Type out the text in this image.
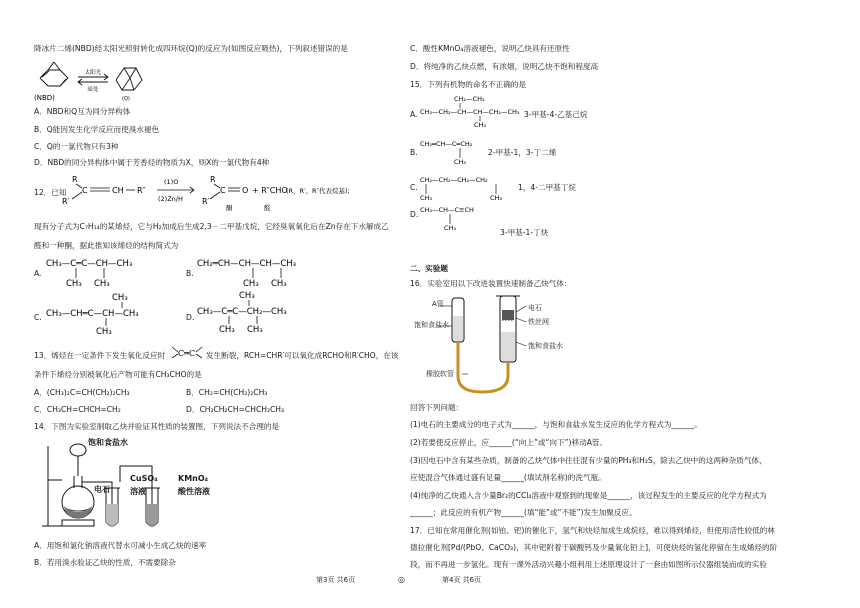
降冰片二烯(NBD)经太阳光照射转化成四环烷(Q)的反应为(如图反应吸热)，下列叙述错误的是
太阳光
暗处
(NBD)	(Q)
A．NBD和Q互为同分异构体
B．Q能因发生化学反应而使溴水褪色
C．Q的一氯代物只有3种
D．NBD的同分异构体中属于芳香烃的物质为X，则X的一氯代物有4种
12．已知
R
R′
C	CH R″
R
R′
C O + R″CHO
(1)O
(2)Zn/H
酮	醛
(R、R′、R″代表烷基);
现有分子式为C₇H₁₄的某烯烃，它与H₂加成后生成2,3－二甲基戊烷，它经臭氧氧化后在Zn存在下水解成乙
醛和一种酮，据此推知该烯烃的结构简式为
A.
CH₃—C═C—CH—CH₃
CH₃ CH₃
B.
CH₂═CH—CH—CH—CH₃
CH₃ CH₃
C.
CH₃
CH₃—CH═C—CH—CH₃
CH₃
D.
CH₃
CH₃—C═C—CH₂—CH₃
CH₃ CH₃
13．烯烃在一定条件下发生氧化反应时 C═C 发生断裂，RCH=CHR′可以氧化成RCHO和R′CHO，在该
条件下烯烃分别被氧化后产物可能有CH₃CHO的是
A．(CH₃)₂C=CH(CH₂)₂CH₃	B．CH₂=CH(CH₂)₂CH₃
C．CH₃CH=CHCH=CH₂	D．CH₃CH₂CH=CHCH₂CH₃
14．下图为实验室制取乙炔并验证其性质的装置图，下列说法不合理的是
饱和食盐水
电石
CuSO₄
溶液
KMnO₄
酸性溶液
A．用饱和氯化钠溶液代替水可减小生成乙炔的速率
B．若用溴水验证乙炔的性质，不需要除杂
第3页 共6页	◎
C．酸性KMnO₄溶液褪色，说明乙炔具有还原性
D．将纯净的乙炔点燃，有浓烟，说明乙炔不饱和程度高
15．下列有机物的命名不正确的是
A.
CH₂—CH₃
CH₃—CH₂—CH—CH—CH₂—CH₃
CH₃
3-甲基-4-乙基己烷
B.
CH₂═CH—C═CH₂
CH₃
2-甲基-1，3-丁二烯
C.
CH₂—CH₂—CH₂—CH₂
CH₃	CH₃
1，4-二甲基丁烷
D. CH₃—CH—C≡CH
CH₃	3-甲基-1-丁炔
二、实验题
16．实验室用以下改进装置快速制备乙炔气体：
A管
饱和食盐水
电石
铁丝网
饱和食盐水
橡胶软管
回答下列问题：
(1)电石的主要成分的电子式为______，与饱和食盐水发生反应的化学方程式为______。
(2)若要使反应停止，应______(“向上”或“向下”)移动A管。
(3)因电石中含有某些杂质，制备的乙炔气体中往往混有少量的PH₃和H₂S，除去乙炔中的这两种杂质气体，
应使混合气体通过盛有足量______(填试剂名称)的洗气瓶。
(4)纯净的乙炔通入含少量Br₂的CCl₄溶液中观察到的现象是______，该过程发生的主要反应的化学方程式为
______；此反应的有机产物______(填“能”或“不能”)发生加聚反应。
17．已知在常用催化剂(如铂、钯)的催化下，氢气和炔烃加成生成烷烃，难以得到烯烃，但使用活性较低的林
德拉催化剂[Pd/(PbO、CaCO₃)，其中钯附着于碳酸钙及少量氧化铅上]，可使炔烃的氢化停留在生成烯烃的阶
段，而不再进一步氢化。现有一课外活动兴趣小组利用上述原理设计了一套由如图所示仪器组装而成的实验
第4页 共6页
